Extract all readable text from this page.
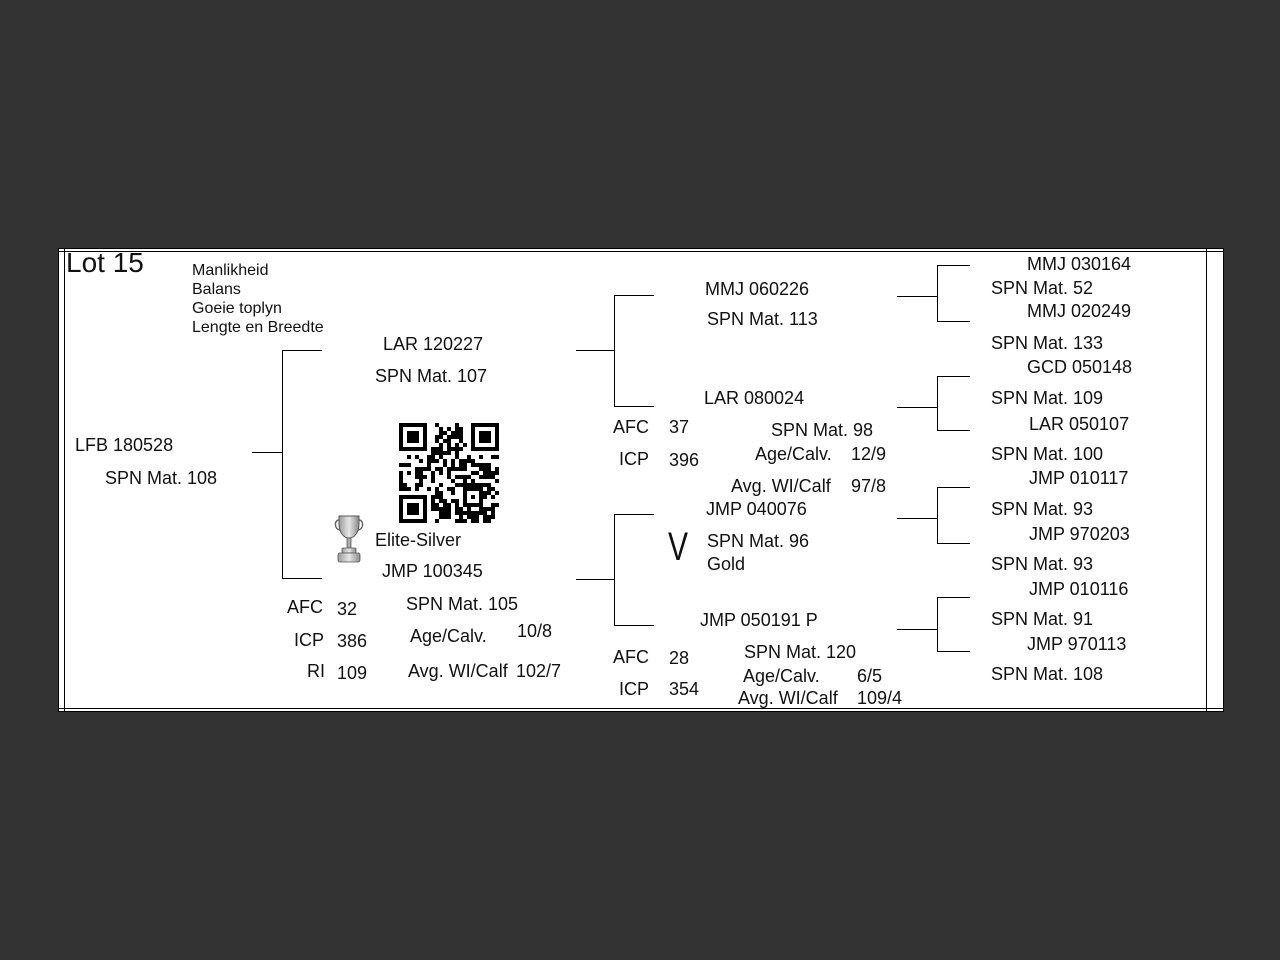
Lot 15	Manlikheid
Balans
Goeie toplyn
Lengte en Breedte
LFB 180528
SPN Mat. 108
LAR 120227
SPN Mat. 107
Elite-Silver
JMP 100345
SPN Mat. 105
AFC 32
ICP 386
RI 109
Age/Calv. 10/8
Avg. WI/Calf 102/7
MMJ 060226
SPN Mat. 113
LAR 080024
AFC 37
ICP 396
SPN Mat. 98
Age/Calv. 12/9
Avg. WI/Calf 97/8
JMP 040076
V SPN Mat. 96
Gold
JMP 050191 P
SPN Mat. 120
AFC 28
ICP 354
Age/Calv. 6/5
Avg. WI/Calf 109/4
MMJ 030164
SPN Mat. 52
MMJ 020249
SPN Mat. 133
GCD 050148
SPN Mat. 109
LAR 050107
SPN Mat. 100
JMP 010117
SPN Mat. 93
JMP 970203
SPN Mat. 93
JMP 010116
SPN Mat. 91
JMP 970113
SPN Mat. 108
